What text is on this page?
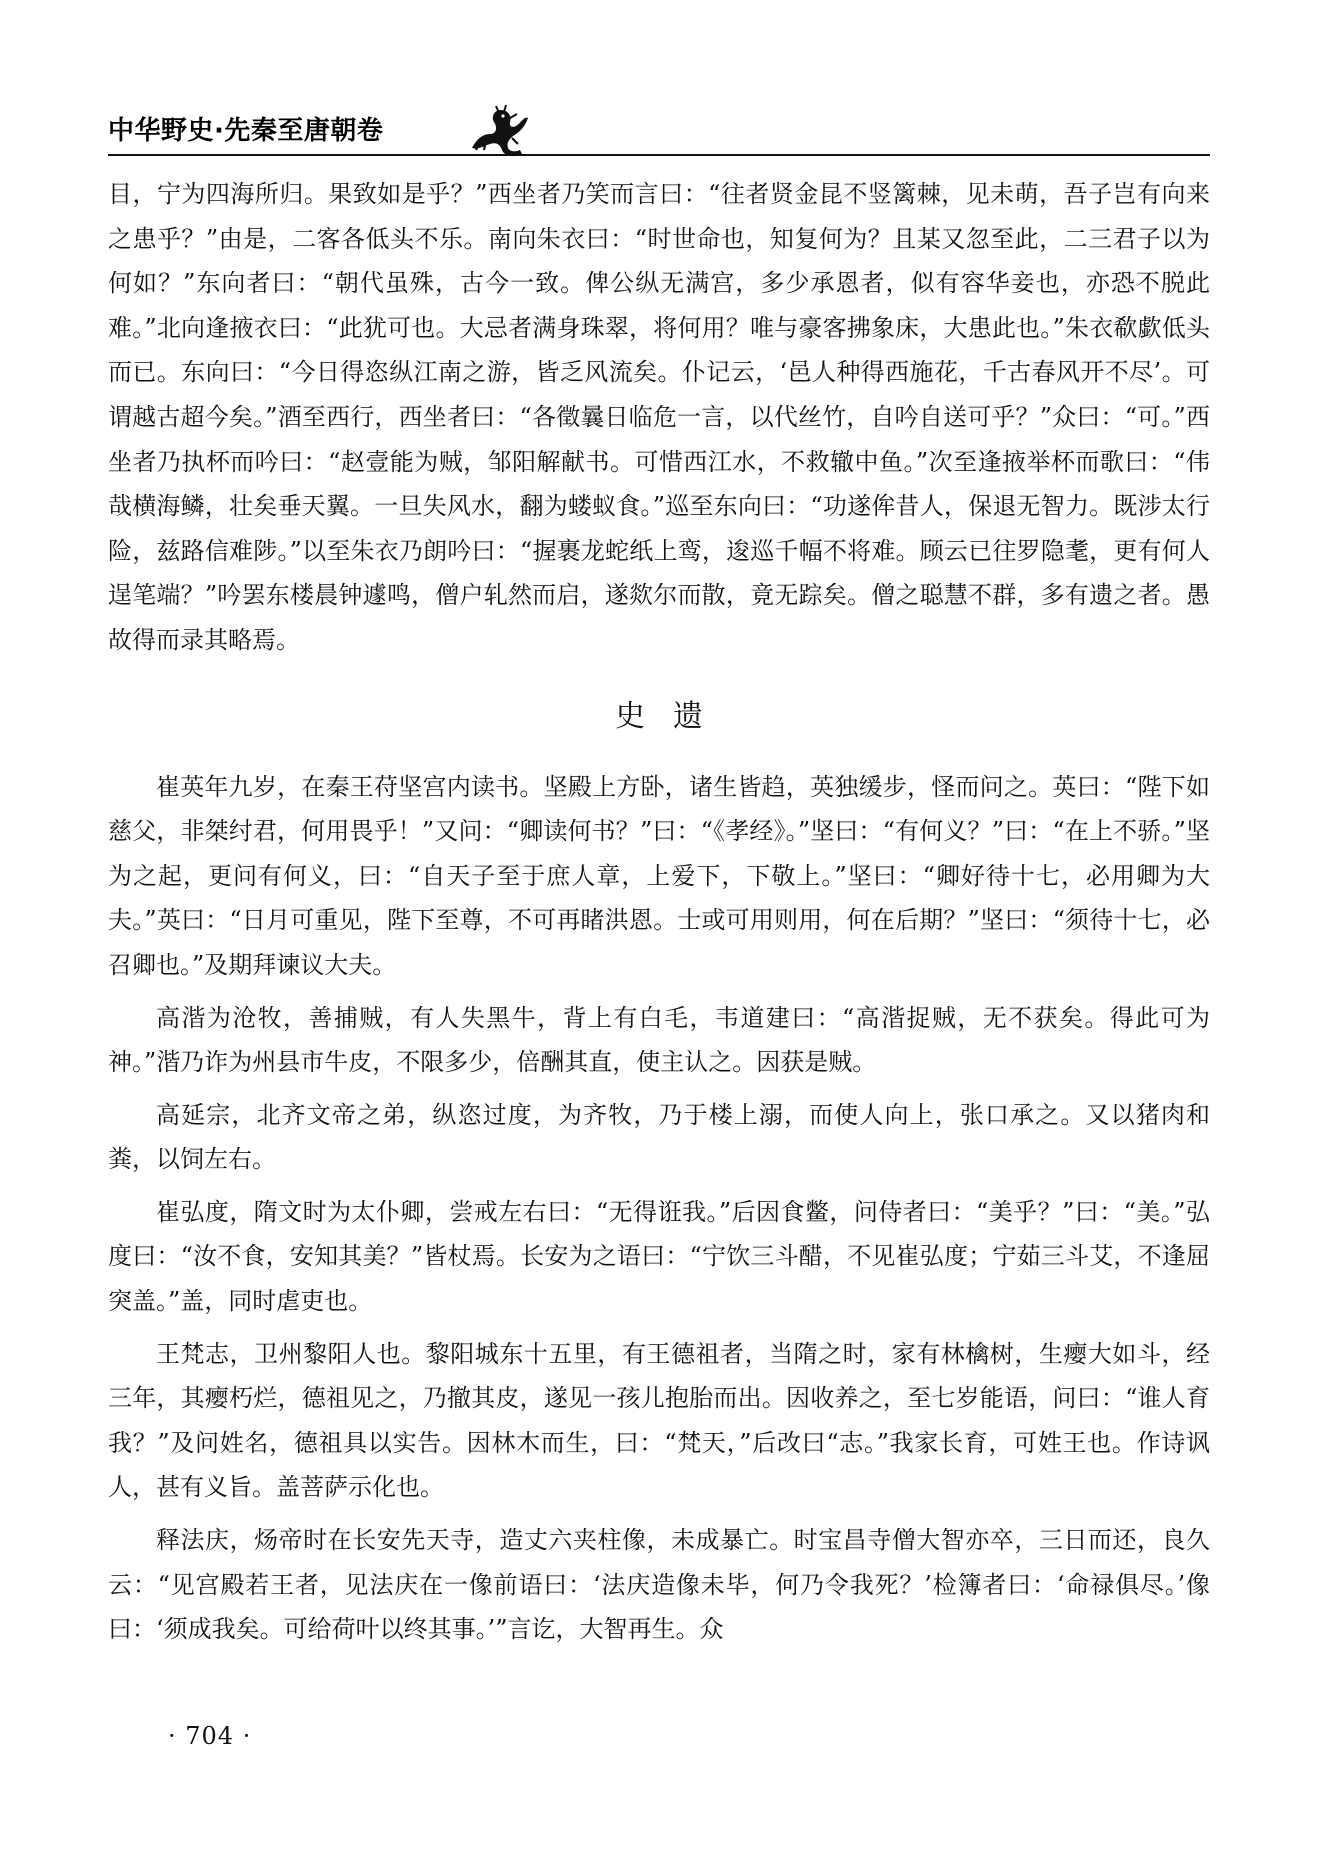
中华野史·先秦至唐朝卷

目，宁为四海所归。果致如是乎？”西坐者乃笑而言曰：“往者贤金昆不竖篱棘，见未萌，吾子岂有向来之患乎？”由是，二客各低头不乐。南向朱衣曰：“时世命也，知复何为？且某又忽至此，二三君子以为何如？”东向者曰：“朝代虽殊，古今一致。俾公纵无满宫，多少承恩者，似有容华妾也，亦恐不脱此难。”北向逢掖衣曰：“此犹可也。大忌者满身珠翠，将何用？唯与豪客拂象床，大患此也。”朱衣欷歔低头而已。东向曰：“今日得恣纵江南之游，皆乏风流矣。仆记云，‘邑人种得西施花，千古春风开不尽’。可谓越古超今矣。”酒至西行，西坐者曰：“各徵曩日临危一言，以代丝竹，自吟自送可乎？”众曰：“可。”西坐者乃执杯而吟曰：“赵壹能为贼，邹阳解献书。可惜西江水，不救辙中鱼。”次至逢掖举杯而歌曰：“伟哉横海鳞，壮矣垂天翼。一旦失风水，翻为蝼蚁食。”巡至东向曰：“功遂侔昔人，保退无智力。既涉太行险，兹路信难陟。”以至朱衣乃朗吟曰：“握裹龙蛇纸上鸾，逡巡千幅不将难。顾云已往罗隐耄，更有何人逞笔端？”吟罢东楼晨钟遽鸣，僧户轧然而启，遂欻尔而散，竟无踪矣。僧之聪慧不群，多有遗之者。愚故得而录其略焉。

史遗

崔英年九岁，在秦王苻坚宫内读书。坚殿上方卧，诸生皆趋，英独缓步，怪而问之。英曰：“陛下如慈父，非桀纣君，何用畏乎！”又问：“卿读何书？”曰：“《孝经》。”坚曰：“有何义？”曰：“在上不骄。”坚为之起，更问有何义，曰：“自天子至于庶人章，上爱下，下敬上。”坚曰：“卿好待十七，必用卿为大夫。”英曰：“日月可重见，陛下至尊，不可再睹洪恩。士或可用则用，何在后期？”坚曰：“须待十七，必召卿也。”及期拜谏议大夫。

高湝为沧牧，善捕贼，有人失黑牛，背上有白毛，韦道建曰：“高湝捉贼，无不获矣。得此可为神。”湝乃诈为州县市牛皮，不限多少，倍酬其直，使主认之。因获是贼。

高延宗，北齐文帝之弟，纵恣过度，为齐牧，乃于楼上溺，而使人向上，张口承之。又以猪肉和粪，以饲左右。

崔弘度，隋文时为太仆卿，尝戒左右曰：“无得诳我。”后因食鳖，问侍者曰：“美乎？”曰：“美。”弘度曰：“汝不食，安知其美？”皆杖焉。长安为之语曰：“宁饮三斗醋，不见崔弘度；宁茹三斗艾，不逢屈突盖。”盖，同时虐吏也。

王梵志，卫州黎阳人也。黎阳城东十五里，有王德祖者，当隋之时，家有林檎树，生瘿大如斗，经三年，其瘿朽烂，德祖见之，乃撤其皮，遂见一孩儿抱胎而出。因收养之，至七岁能语，问曰：“谁人育我？”及问姓名，德祖具以实告。因林木而生，曰：“梵天，”后改曰“志。”我家长育，可姓王也。作诗讽人，甚有义旨。盖菩萨示化也。

释法庆，炀帝时在长安先天寺，造丈六夹柱像，未成暴亡。时宝昌寺僧大智亦卒，三日而还，良久云：“见宫殿若王者，见法庆在一像前语曰：‘法庆造像未毕，何乃令我死？’检簿者曰：‘命禄俱尽。’像曰：‘须成我矣。可给荷叶以终其事。’”言讫，大智再生。众

· 704 ·
